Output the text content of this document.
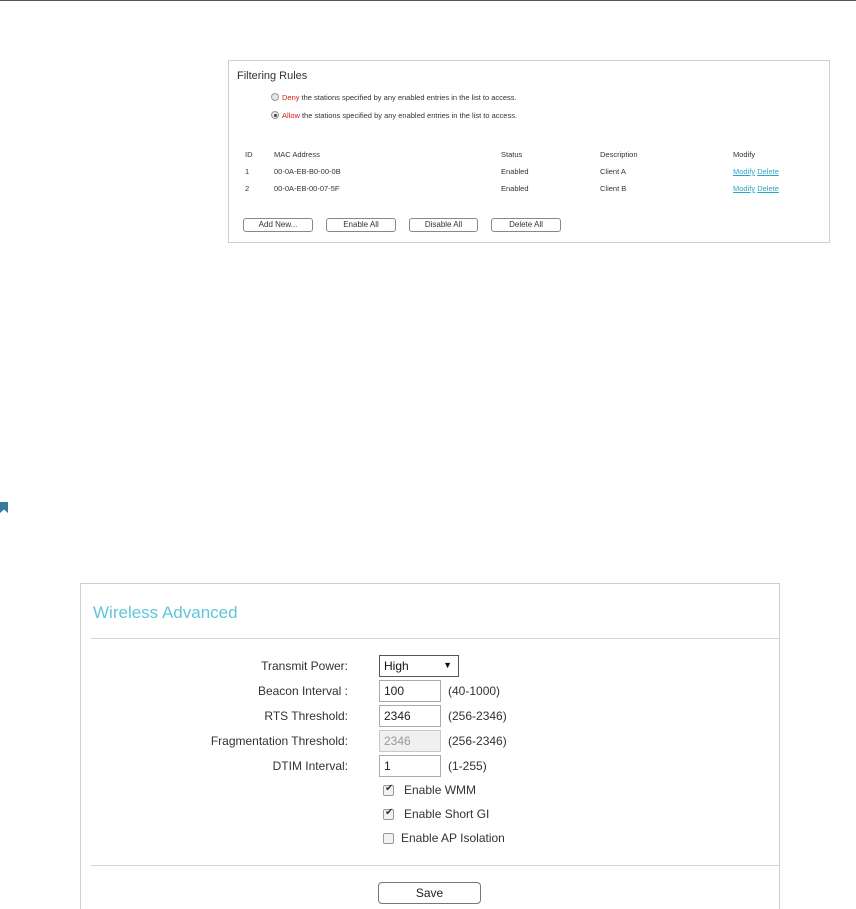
Filtering Rules
Deny the stations specified by any enabled entries in the list to access.
Allow the stations specified by any enabled entries in the list to access.
ID	MAC Address	Status	Description	Modify
1	00-0A-EB-B0-00-0B	Enabled	Client A	Modify Delete
2	00-0A-EB-00-07-5F	Enabled	Client B	Modify Delete
Add New...	Enable All	Disable All	Delete All
Wireless Advanced
Transmit Power:	High	▼
Beacon Interval :
100	(40-1000)
RTS Threshold:
2346	(256-2346)
Fragmentation Threshold:
2346	(256-2346)
DTIM Interval:
1	(1-255)
✔ Enable WMM
✔ Enable Short GI
Enable AP Isolation
Save
